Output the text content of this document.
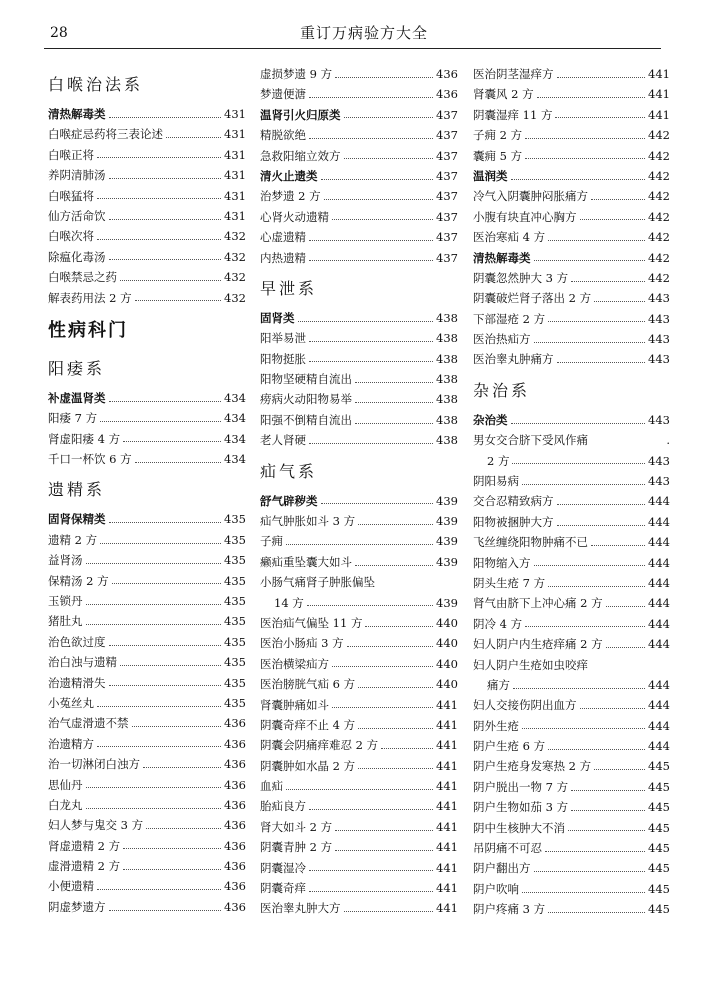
28	重订万病验方大全
白喉治法系
清热解毒类	431
白喉症忌药将三表论述	431
白喉正将	431
养阴清肺汤	431
白喉猛将	431
仙方活命饮	431
白喉次将	432
除瘟化毒汤	432
白喉禁忌之药	432
解表药用法 2 方	432
性病科门
阳痿系
补虚温肾类	434
阳痿 7 方	434
肾虚阳痿 4 方	434
千口一杯饮 6 方	434
遗精系
固肾保精类	435
遗精 2 方	435
益肾汤	435
保精汤 2 方	435
玉锁丹	435
猪肚丸	435
治色欲过度	435
治白浊与遗精	435
治遗精滑失	435
小菟丝丸	435
治气虚滑遗不禁	436
治遗精方	436
治一切淋闭白浊方	436
思仙丹	436
白龙丸	436
妇人梦与鬼交 3 方	436
肾虚遗精 2 方	436
虚滑遗精 2 方	436
小便遗精	436
阴虚梦遗方	436
虚损梦遗 9 方	436
梦遗便溏	436
温肾引火归原类	437
精脱欲绝	437
急救阳缩立效方	437
清火止遗类	437
治梦遗 2 方	437
心肾火动遗精	437
心虚遗精	437
内热遗精	437
早泄系
固肾类	438
阳举易泄	438
阳物挺胀	438
阳物坚硬精自流出	438
痨病火动阳物易举	438
阳强不倒精自流出	438
老人肾硬	438
疝气系
舒气辟秽类	439
疝气肿胀如斗 3 方	439
子痈	439
癞疝重坠囊大如斗	439
小肠气痛肾子肿胀偏坠
14 方	439
医治疝气偏坠 11 方	440
医治小肠疝 3 方	440
医治横梁疝方	440
医治膀胱气疝 6 方	440
肾囊肿痛如斗	441
阴囊奇痒不止 4 方	441
阴囊会阴痛痒难忍 2 方	441
阴囊肿如水晶 2 方	441
血疝	441
胎疝良方	441
肾大如斗 2 方	441
阴囊青肿 2 方	441
阴囊湿冷	441
阴囊奇痒	441
医治睾丸肿大方	441
医治阴茎湿痒方	441
肾囊风 2 方	441
阴囊湿痒 11 方	441
子痈 2 方	442
囊痈 5 方	442
温润类	442
冷气入阴囊肿闷胀痛方	442
小腹有块直冲心胸方	442
医治寒疝 4 方	442
清热解毒类	442
阴囊忽然肿大 3 方	442
阴囊破烂肾子落出 2 方	443
下部湿疮 2 方	443
医治热疝方	443
医治睾丸肿痛方	443
杂治系
杂治类	443
男女交合脐下受风作痛	.
2 方	443
阴阳易病	443
交合忍精致病方	444
阳物被捆肿大方	444
飞丝缠绕阳物肿痛不已	444
阳物缩入方	444
阴头生疮 7 方	444
肾气由脐下上冲心痛 2 方	444
阴冷 4 方	444
妇人阴户内生疮痒痛 2 方	444
妇人阴户生疮如虫咬痒
痛方	444
妇人交接伤阴出血方	444
阴外生疮	444
阴户生疮 6 方	444
阴户生疮身发寒热 2 方	445
阴户脱出一物 7 方	445
阴户生物如茄 3 方	445
阴中生核肿大不消	445
吊阴痛不可忍	445
阴户翻出方	445
阴户吹响	445
阴户疼痛 3 方	445
